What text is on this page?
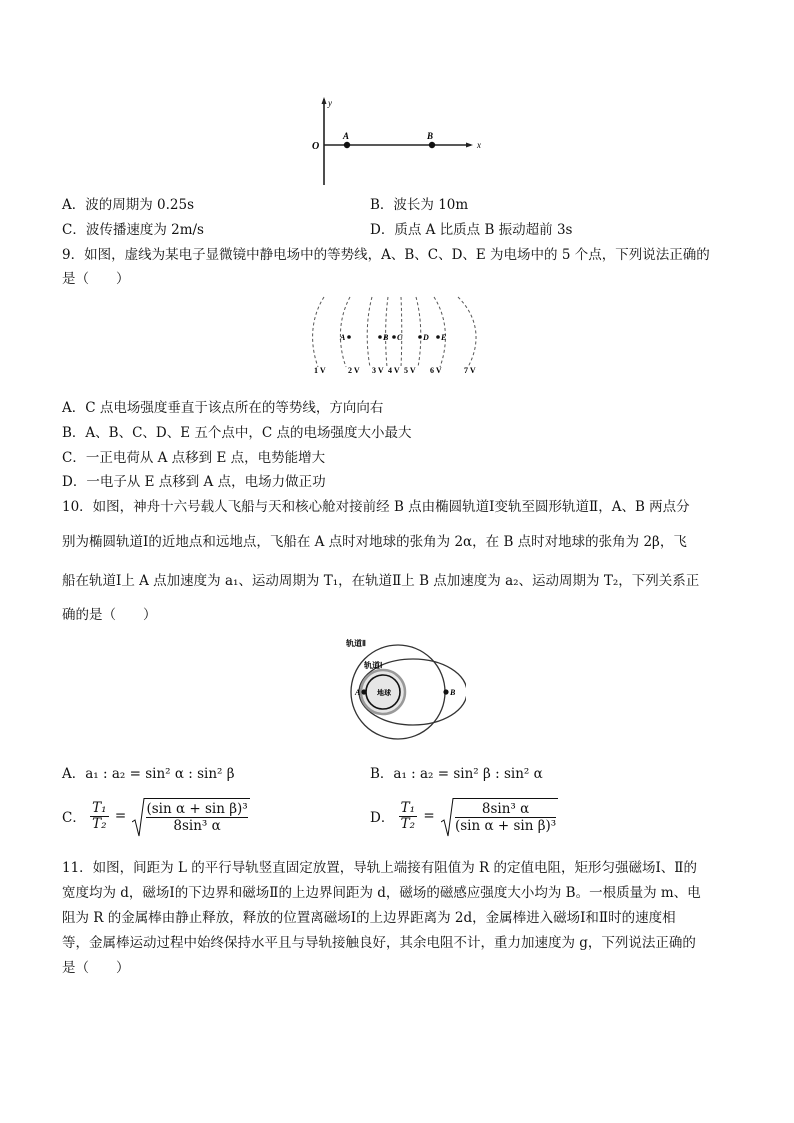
y
x
O
A	B
A．波的周期为 0.25s	B．波长为 10m
C．波传播速度为 2m/s	D．质点 A 比质点 B 振动超前 3s
9．如图，虚线为某电子显微镜中静电场中的等势线，A、B、C、D、E 为电场中的 5 个点，下列说法正确的
是（　　）
A	B C	D E
1 V	2 V 3 V 4 V 5 V 6 V	7 V
A．C 点电场强度垂直于该点所在的等势线，方向向右
B．A、B、C、D、E 五个点中，C 点的电场强度大小最大
C．一正电荷从 A 点移到 E 点，电势能增大
D．一电子从 E 点移到 A 点，电场力做正功
10．如图，神舟十六号载人飞船与天和核心舱对接前经 B 点由椭圆轨道Ⅰ变轨至圆形轨道Ⅱ，A、B 两点分
别为椭圆轨道Ⅰ的近地点和远地点，飞船在 A 点时对地球的张角为 2α，在 B 点时对地球的张角为 2β，飞
船在轨道Ⅰ上 A 点加速度为 a₁、运动周期为 T₁，在轨道Ⅱ上 B 点加速度为 a₂、运动周期为 T₂，下列关系正
确的是（　　）
轨道Ⅱ
轨道Ⅰ
地球
A	B
A．a₁ : a₂ = sin² α : sin² β	B．a₁ : a₂ = sin² β : sin² α
C． $\frac{\text{T₁}}{\text{T₂}} = \frac{\text{(sin α + sin β)³}}{\text{8sin³ α}}$	D． $\frac{\text{T₁}}{\text{T₂}} = \frac{\text{8sin³ α}}{\text{(sin α + sin β)³}}$
11．如图，间距为 L 的平行导轨竖直固定放置，导轨上端接有阻值为 R 的定值电阻，矩形匀强磁场Ⅰ、Ⅱ的
宽度均为 d，磁场Ⅰ的下边界和磁场Ⅱ的上边界间距为 d，磁场的磁感应强度大小均为 B。一根质量为 m、电
阻为 R 的金属棒由静止释放，释放的位置离磁场Ⅰ的上边界距离为 2d，金属棒进入磁场Ⅰ和Ⅱ时的速度相
等，金属棒运动过程中始终保持水平且与导轨接触良好，其余电阻不计，重力加速度为 g，下列说法正确的
是（　　）
